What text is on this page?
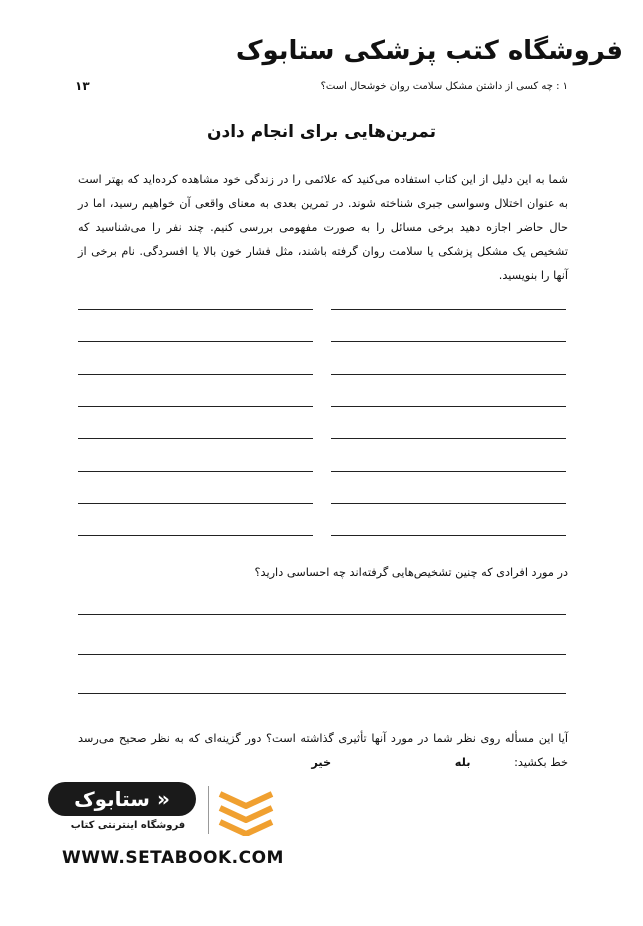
فروشگاه کتب پزشکی ستابوک
۱ : چه کسی از داشتن مشکل سلامت روان خوشحال است؟
۱۳
تمرین‌هایی برای انجام دادن
شما به این دلیل از این کتاب استفاده می‌کنید که علائمی را در زندگی خود مشاهده کرده‌اید که بهتر است به عنوان اختلال وسواسی جبری شناخته شوند. در تمرین بعدی به معنای واقعی آن خواهیم رسید، اما در حال حاضر اجازه دهید برخی مسائل را به صورت مفهومی بررسی کنیم. چند نفر را می‌شناسید که تشخیص یک مشکل پزشکی یا سلامت روان گرفته باشند، مثل فشار خون بالا یا افسردگی. نام برخی از آنها را بنویسید.
در مورد افرادی که چنین تشخیص‌هایی گرفته‌اند چه احساسی دارید؟
آیا این مسأله روی نظر شما در مورد آنها تأثیری گذاشته است؟ دور گزینه‌ای که به نظر صحیح می‌رسد خط بکشید: بله خیر
« ستابوک
فروشگاه اینترنتی کتاب
WWW.SETABOOK.COM
